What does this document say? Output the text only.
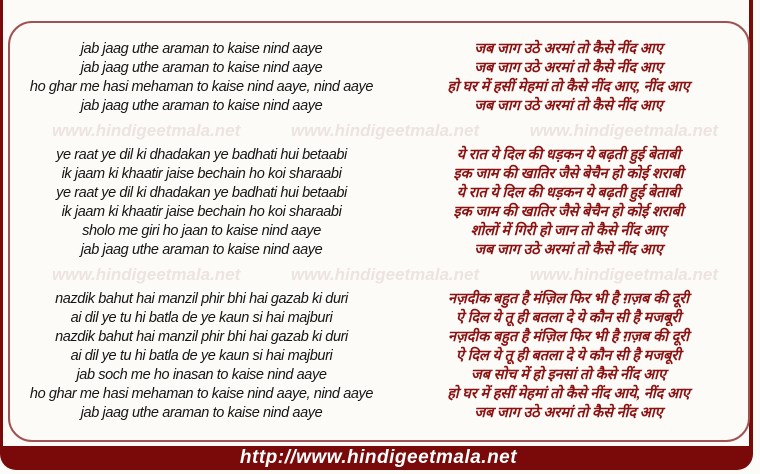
jab jaag uthe araman to kaise nind aaye	जब जाग उठे अरमां तो कैसे नींद आए
jab jaag uthe araman to kaise nind aaye	जब जाग उठे अरमां तो कैसे नींद आए
ho ghar me hasi mehaman to kaise nind aaye, nind aaye	हो घर में हसीं मेहमां तो कैसे नींद आए, नींद आए
jab jaag uthe araman to kaise nind aaye	जब जाग उठे अरमां तो कैसे नींद आए
www.hindigeetmala.net	www.hindigeetmala.net	www.hindigeetmala.net
ye raat ye dil ki dhadakan ye badhati hui betaabi	ये रात ये दिल की धड़कन ये बढ़ती हुई बेताबी
ik jaam ki khaatir jaise bechain ho koi sharaabi	इक जाम की खातिर जैसे बेचैन हो कोई शराबी
ye raat ye dil ki dhadakan ye badhati hui betaabi	ये रात ये दिल की धड़कन ये बढ़ती हुई बेताबी
ik jaam ki khaatir jaise bechain ho koi sharaabi	इक जाम की खातिर जैसे बेचैन हो कोई शराबी
sholo me giri ho jaan to kaise nind aaye	शोलों में गिरी हो जान तो कैसे नींद आए
jab jaag uthe araman to kaise nind aaye	जब जाग उठे अरमां तो कैसे नींद आए
www.hindigeetmala.net	www.hindigeetmala.net	www.hindigeetmala.net
nazdik bahut hai manzil phir bhi hai gazab ki duri	नज़दीक बहुत है मंज़िल फिर भी है ग़ज़ब की दूरी
ai dil ye tu hi batla de ye kaun si hai majburi	ऐ दिल ये तू ही बतला दे ये कौन सी है मजबूरी
nazdik bahut hai manzil phir bhi hai gazab ki duri	नज़दीक बहुत है मंज़िल फिर भी है ग़ज़ब की दूरी
ai dil ye tu hi batla de ye kaun si hai majburi	ऐ दिल ये तू ही बतला दे ये कौन सी है मजबूरी
jab soch me ho inasan to kaise nind aaye	जब सोच में हो इनसां तो कैसे नींद आए
ho ghar me hasi mehaman to kaise nind aaye, nind aaye	हो घर में हसीं मेहमां तो कैसे नींद आये, नींद आए
jab jaag uthe araman to kaise nind aaye	जब जाग उठे अरमां तो कैसे नींद आए
http://www.hindigeetmala.net
